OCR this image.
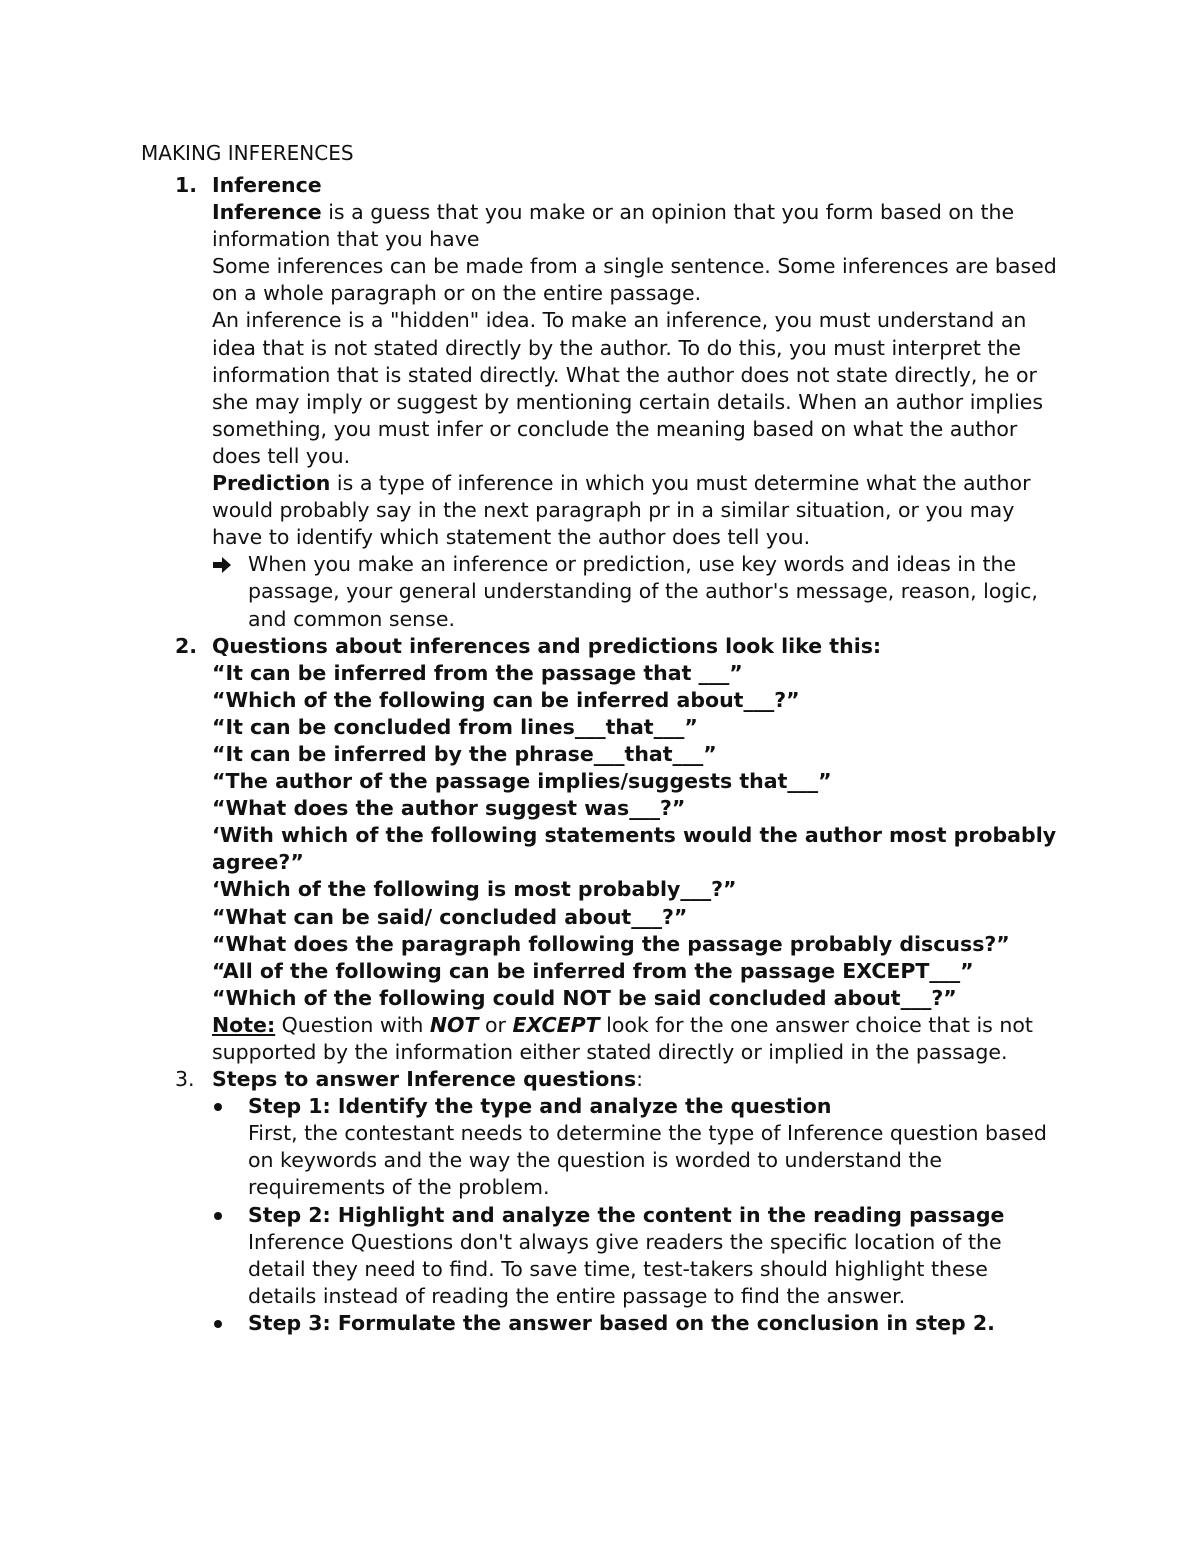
MAKING INFERENCES
1. Inference
Inference is a guess that you make or an opinion that you form based on the information that you have
Some inferences can be made from a single sentence. Some inferences are based on a whole paragraph or on the entire passage.
An inference is a "hidden" idea. To make an inference, you must understand an idea that is not stated directly by the author. To do this, you must interpret the information that is stated directly. What the author does not state directly, he or she may imply or suggest by mentioning certain details. When an author implies something, you must infer or conclude the meaning based on what the author does tell you.
Prediction is a type of inference in which you must determine what the author would probably say in the next paragraph pr in a similar situation, or you may have to identify which statement the author does tell you.
When you make an inference or prediction, use key words and ideas in the passage, your general understanding of the author's message, reason, logic, and common sense.
2. Questions about inferences and predictions look like this:
“It can be inferred from the passage that ___”
“Which of the following can be inferred about___?”
“It can be concluded from lines___that___”
“It can be inferred by the phrase___that___”
“The author of the passage implies/suggests that___”
“What does the author suggest was___?”
‘With which of the following statements would the author most probably agree?”
‘Which of the following is most probably___?”
“What can be said/ concluded about___?”
“What does the paragraph following the passage probably discuss?”
“All of the following can be inferred from the passage EXCEPT___”
“Which of the following could NOT be said concluded about___?”
Note: Question with NOT or EXCEPT look for the one answer choice that is not supported by the information either stated directly or implied in the passage.
3. Steps to answer Inference questions:
Step 1: Identify the type and analyze the question
First, the contestant needs to determine the type of Inference question based on keywords and the way the question is worded to understand the requirements of the problem.
Step 2: Highlight and analyze the content in the reading passage
Inference Questions don't always give readers the specific location of the detail they need to find. To save time, test-takers should highlight these details instead of reading the entire passage to find the answer.
Step 3: Formulate the answer based on the conclusion in step 2.
